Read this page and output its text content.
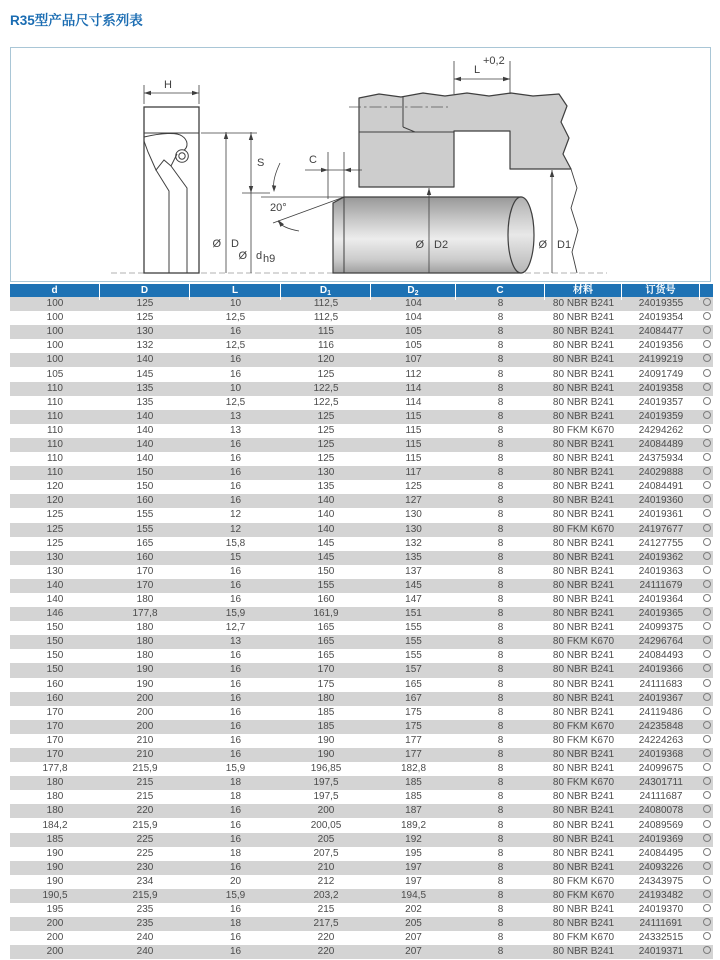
R35型产品尺寸系列表
H
S	C
20°
Ø D
Ø d h9
L
+0,2
Ø D2	Ø D1
d	D	L	$D_1$	$D_2$	C	材料	订货号
100	125	10	112,5	104	8	80 NBR B241	24019355
100	125	12,5	112,5	104	8	80 NBR B241	24019354
100	130	16	115	105	8	80 NBR B241	24084477
100	132	12,5	116	105	8	80 NBR B241	24019356
100	140	16	120	107	8	80 NBR B241	24199219
105	145	16	125	112	8	80 NBR B241	24091749
110	135	10	122,5	114	8	80 NBR B241	24019358
110	135	12,5	122,5	114	8	80 NBR B241	24019357
110	140	13	125	115	8	80 NBR B241	24019359
110	140	13	125	115	8	80 FKM K670	24294262
110	140	16	125	115	8	80 NBR B241	24084489
110	140	16	125	115	8	80 NBR B241	24375934
110	150	16	130	117	8	80 NBR B241	24029888
120	150	16	135	125	8	80 NBR B241	24084491
120	160	16	140	127	8	80 NBR B241	24019360
125	155	12	140	130	8	80 NBR B241	24019361
125	155	12	140	130	8	80 FKM K670	24197677
125	165	15,8	145	132	8	80 NBR B241	24127755
130	160	15	145	135	8	80 NBR B241	24019362
130	170	16	150	137	8	80 NBR B241	24019363
140	170	16	155	145	8	80 NBR B241	24111679
140	180	16	160	147	8	80 NBR B241	24019364
146	177,8	15,9	161,9	151	8	80 NBR B241	24019365
150	180	12,7	165	155	8	80 NBR B241	24099375
150	180	13	165	155	8	80 FKM K670	24296764
150	180	16	165	155	8	80 NBR B241	24084493
150	190	16	170	157	8	80 NBR B241	24019366
160	190	16	175	165	8	80 NBR B241	24111683
160	200	16	180	167	8	80 NBR B241	24019367
170	200	16	185	175	8	80 NBR B241	24119486
170	200	16	185	175	8	80 FKM K670	24235848
170	210	16	190	177	8	80 FKM K670	24224263
170	210	16	190	177	8	80 NBR B241	24019368
177,8	215,9	15,9	196,85	182,8	8	80 NBR B241	24099675
180	215	18	197,5	185	8	80 FKM K670	24301711
180	215	18	197,5	185	8	80 NBR B241	24111687
180	220	16	200	187	8	80 NBR B241	24080078
184,2	215,9	16	200,05	189,2	8	80 NBR B241	24089569
185	225	16	205	192	8	80 NBR B241	24019369
190	225	18	207,5	195	8	80 NBR B241	24084495
190	230	16	210	197	8	80 NBR B241	24093226
190	234	20	212	197	8	80 FKM K670	24343975
190,5	215,9	15,9	203,2	194,5	8	80 FKM K670	24193482
195	235	16	215	202	8	80 NBR B241	24019370
200	235	18	217,5	205	8	80 NBR B241	24111691
200	240	16	220	207	8	80 FKM K670	24332515
200	240	16	220	207	8	80 NBR B241	24019371
